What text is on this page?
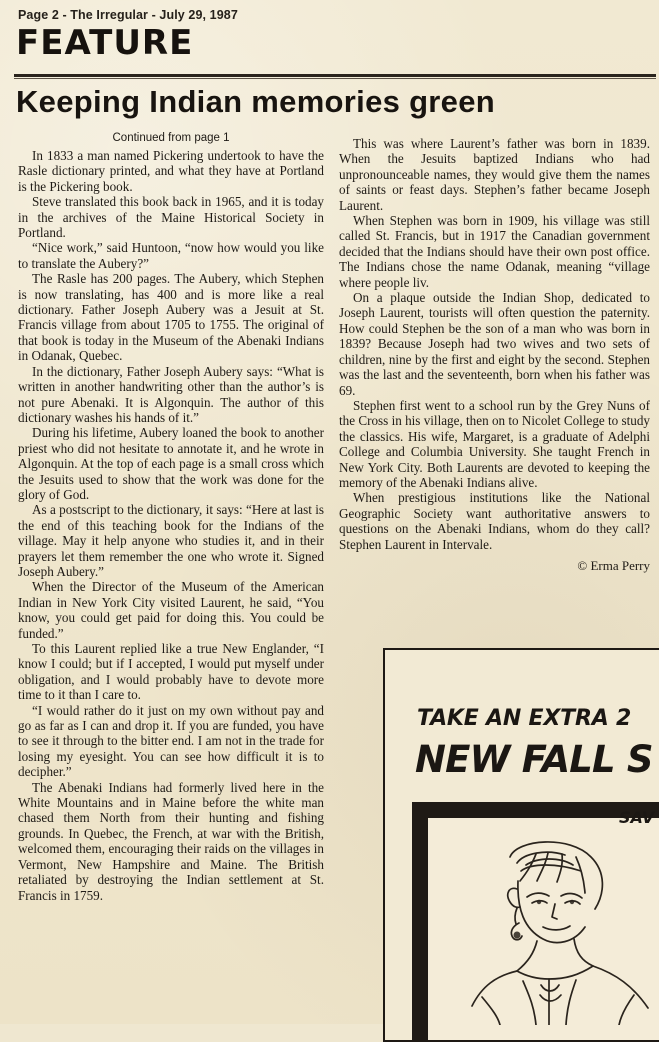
Page 2 - The Irregular - July 29, 1987
FEATURE
Keeping Indian memories green
Continued from page 1

In 1833 a man named Pickering undertook to have the Rasle dictionary printed, and what they have at Portland is the Pickering book.

Steve translated this book back in 1965, and it is today in the archives of the Maine Historical Society in Portland.

“Nice work,” said Huntoon, “now how would you like to translate the Aubery?”

The Rasle has 200 pages. The Aubery, which Stephen is now translating, has 400 and is more like a real dictionary. Father Joseph Aubery was a Jesuit at St. Francis village from about 1705 to 1755. The original of that book is today in the Museum of the Abenaki Indians in Odanak, Quebec.

In the dictionary, Father Joseph Aubery says: “What is written in another handwriting other than the author’s is not pure Abenaki. It is Algonquin. The author of this dictionary washes his hands of it.”

During his lifetime, Aubery loaned the book to another priest who did not hesitate to annotate it, and he wrote in Algonquin. At the top of each page is a small cross which the Jesuits used to show that the work was done for the glory of God.

As a postscript to the dictionary, it says: “Here at last is the end of this teaching book for the Indians of the village. May it help anyone who studies it, and in their prayers let them remember the one who wrote it. Signed Joseph Aubery.”

When the Director of the Museum of the American Indian in New York City visited Laurent, he said, “You know, you could get paid for doing this. You could be funded.”

To this Laurent replied like a true New Englander, “I know I could; but if I accepted, I would put myself under obligation, and I would probably have to devote more time to it than I care to.

“I would rather do it just on my own without pay and go as far as I can and drop it. If you are funded, you have to see it through to the bitter end. I am not in the trade for losing my eyesight. You can see how difficult it is to decipher.”

The Abenaki Indians had formerly lived here in the White Mountains and in Maine before the white man chased them North from their hunting and fishing grounds. In Quebec, the French, at war with the British, welcomed them, encouraging their raids on the villages in Vermont, New Hampshire and Maine. The British retaliated by destroying the Indian settlement at St. Francis in 1759.

This was where Laurent’s father was born in 1839. When the Jesuits baptized Indians who had unpronounceable names, they would give them the names of saints or feast days. Stephen’s father became Joseph Laurent.

When Stephen was born in 1909, his village was still called St. Francis, but in 1917 the Canadian government decided that the Indians should have their own post office. The Indians chose the name Odanak, meaning “village where people liv.

On a plaque outside the Indian Shop, dedicated to Joseph Laurent, tourists will often question the paternity. How could Stephen be the son of a man who was born in 1839? Because Joseph had two wives and two sets of children, nine by the first and eight by the second. Stephen was the last and the seventeenth, born when his father was 69.

Stephen first went to a school run by the Grey Nuns of the Cross in his village, then on to Nicolet College to study the classics. His wife, Margaret, is a graduate of Adelphi College and Columbia University. She taught French in New York City. Both Laurents are devoted to keeping the memory of the Abenaki Indians alive.

When prestigious institutions like the National Geographic Society want authoritative answers to questions on the Abenaki Indians, whom do they call? Stephen Laurent in Intervale.

© Erma Perry
TAKE AN EXTRA 2
NEW FALL S
SAV
